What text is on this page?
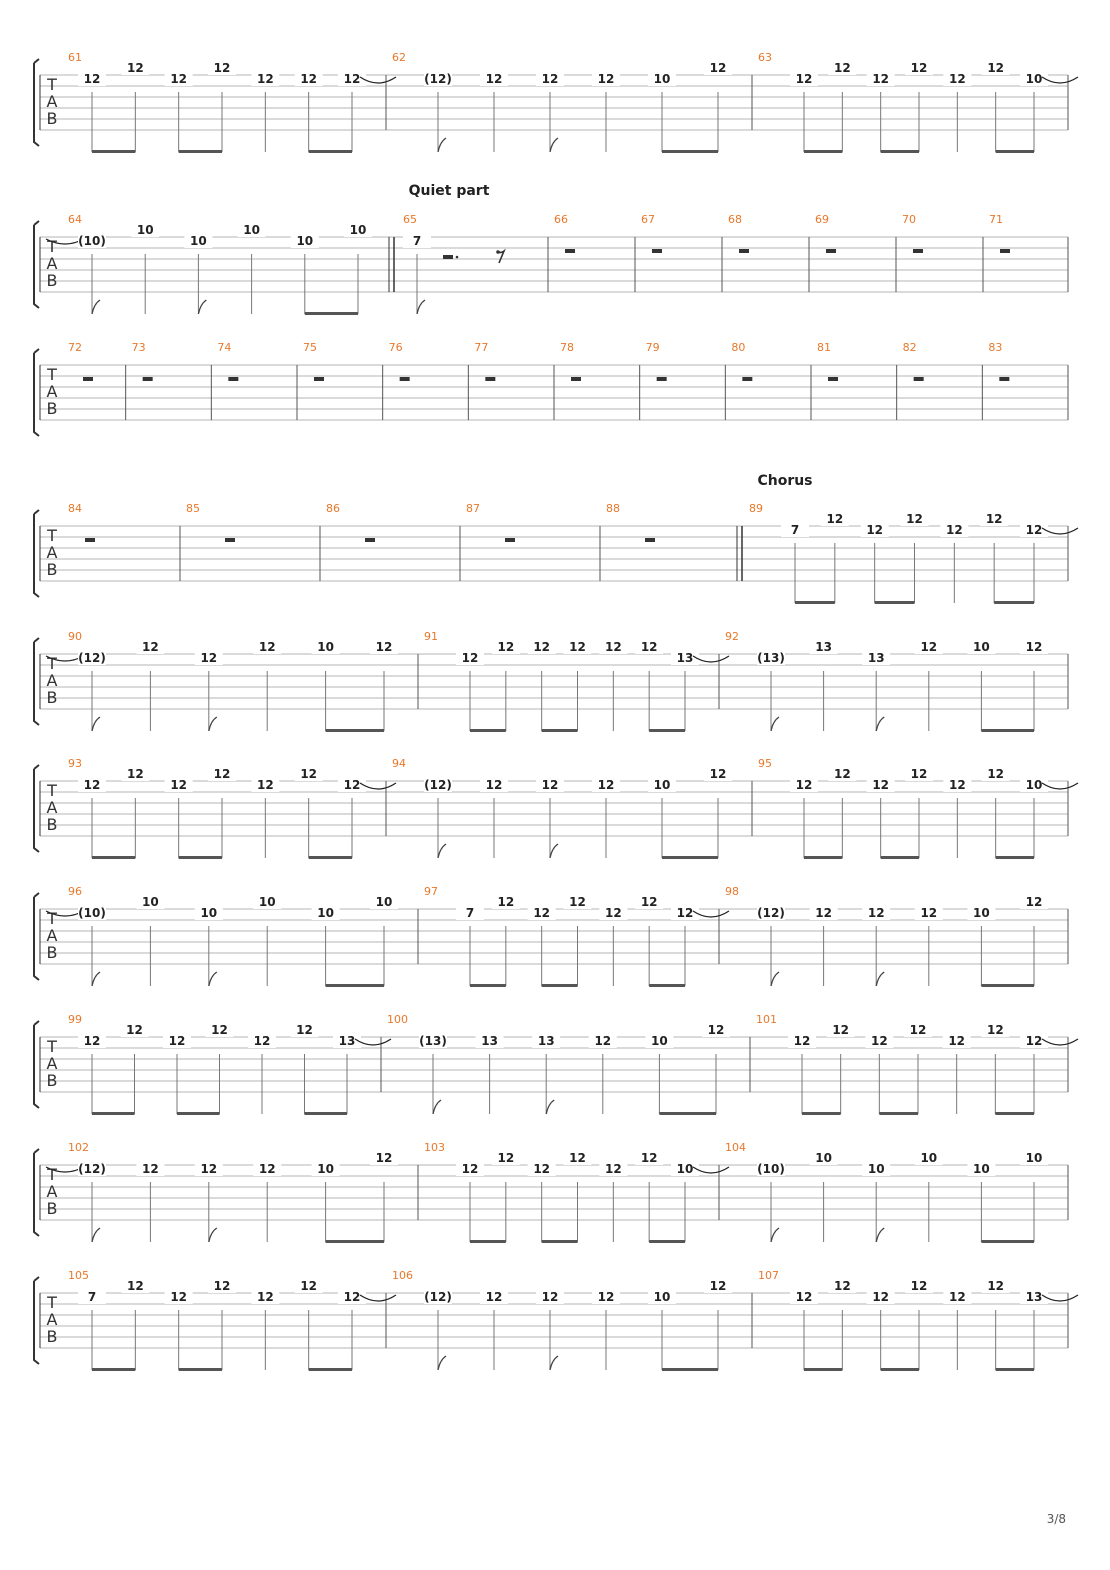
T
A
B
61
12
12
12
12
12 12 12
62
(12)	12	12	12	10
12
63
12
12
12
12
12
12
10
T
A
B
64
(10)
10
10
10
10
10
65
7
66	67	68	69	70	71
T
A
B
72	73	74	75	76	77	78	79	80	81	82	83
T
A
B
84	85	86	87	88	89
7
12
12
12
12
12
12
T
A
B
90
(12)
12
12
12	10	12
91
12
12 12 12 12 12
13
92
(13)
13
13
12	10	12
T
A
B
93
12
12
12
12
12
12
12
94
(12)	12	12	12	10
12
95
12
12
12
12
12
12
10
T
A
B
96
(10)
10
10
10
10
10
97
7
12
12
12
12
12
12
98
(12)	12	12	12	10
12
T
A
B
99
12
12
12
12
12
12
13
100
(13)	13	13	12	10
12
101
12
12
12
12
12
12
12
T
A
B
102
(12)	12	12	12	10
12
103
12
12
12
12
12
12
10
104
(10)
10
10
10
10
10
T
A
B
105
7
12
12
12
12
12
12
106
(12)	12	12	12	10
12
107
12
12
12
12
12
12
13
Quiet part
Chorus
3/8
